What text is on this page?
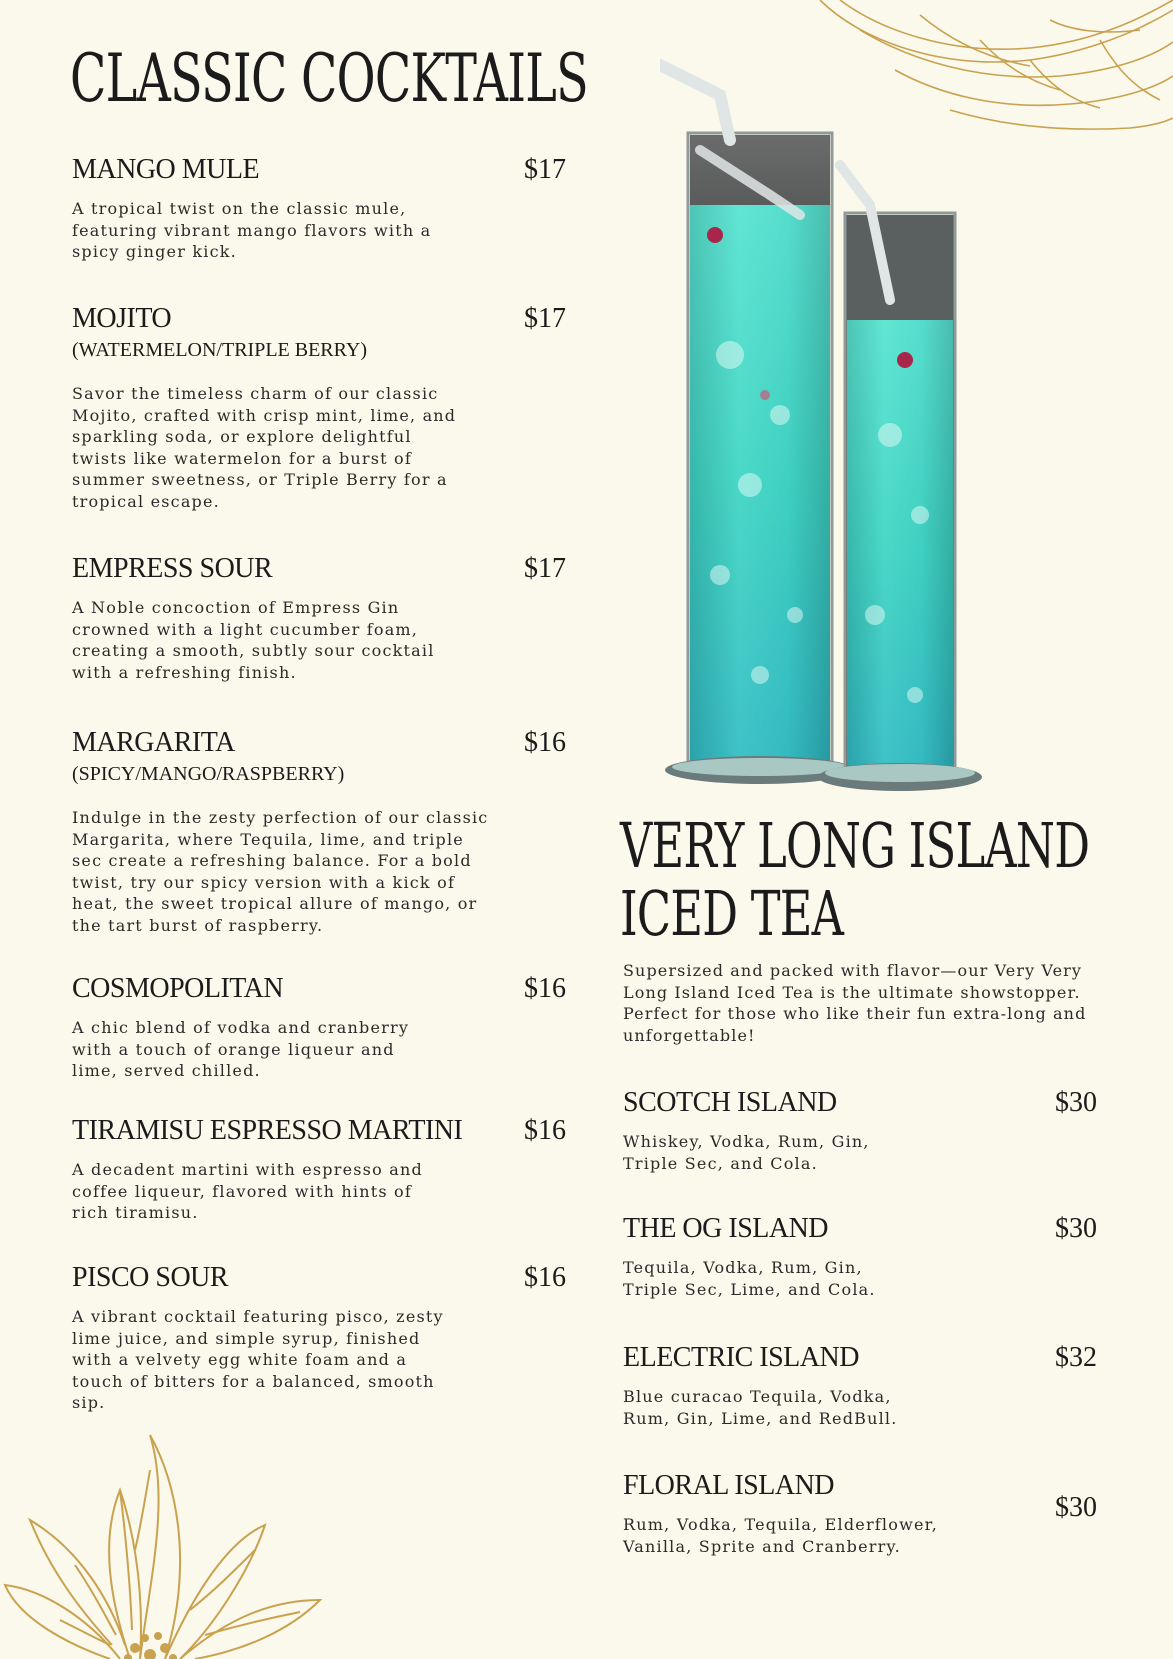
CLASSIC COCKTAILS
MANGO MULE	$17
A tropical twist on the classic mule, featuring vibrant mango flavors with a spicy ginger kick.
MOJITO
(WATERMELON/TRIPLE BERRY)
$17
Savor the timeless charm of our classic Mojito, crafted with crisp mint, lime, and sparkling soda, or explore delightful twists like watermelon for a burst of summer sweetness, or Triple Berry for a tropical escape.
EMPRESS SOUR	$17
A Noble concoction of Empress Gin crowned with a light cucumber foam, creating a smooth, subtly sour cocktail with a refreshing finish.
MARGARITA
(SPICY/MANGO/RASPBERRY)
$16
Indulge in the zesty perfection of our classic Margarita, where Tequila, lime, and triple sec create a refreshing balance. For a bold twist, try our spicy version with a kick of heat, the sweet tropical allure of mango, or the tart burst of raspberry.
COSMOPOLITAN	$16
A chic blend of vodka and cranberry with a touch of orange liqueur and lime, served chilled.
TIRAMISU ESPRESSO MARTINI $16
A decadent martini with espresso and coffee liqueur, flavored with hints of rich tiramisu.
PISCO SOUR	$16
A vibrant cocktail featuring pisco, zesty lime juice, and simple syrup, finished with a velvety egg white foam and a touch of bitters for a balanced, smooth sip.
VERY LONG ISLAND
ICED TEA

Supersized and packed with flavor—our Very Very Long Island Iced Tea is the ultimate showstopper. Perfect for those who like their fun extra-long and unforgettable!

SCOTCH ISLAND	$30
Whiskey, Vodka, Rum, Gin, Triple Sec, and Cola.
THE OG ISLAND	$30
Tequila, Vodka, Rum, Gin, Triple Sec, Lime, and Cola.
ELECTRIC ISLAND	$32
Blue curacao Tequila, Vodka, Rum, Gin, Lime, and RedBull.
FLORAL ISLAND
$30
Rum, Vodka, Tequila, Elderflower, Vanilla, Sprite and Cranberry.
